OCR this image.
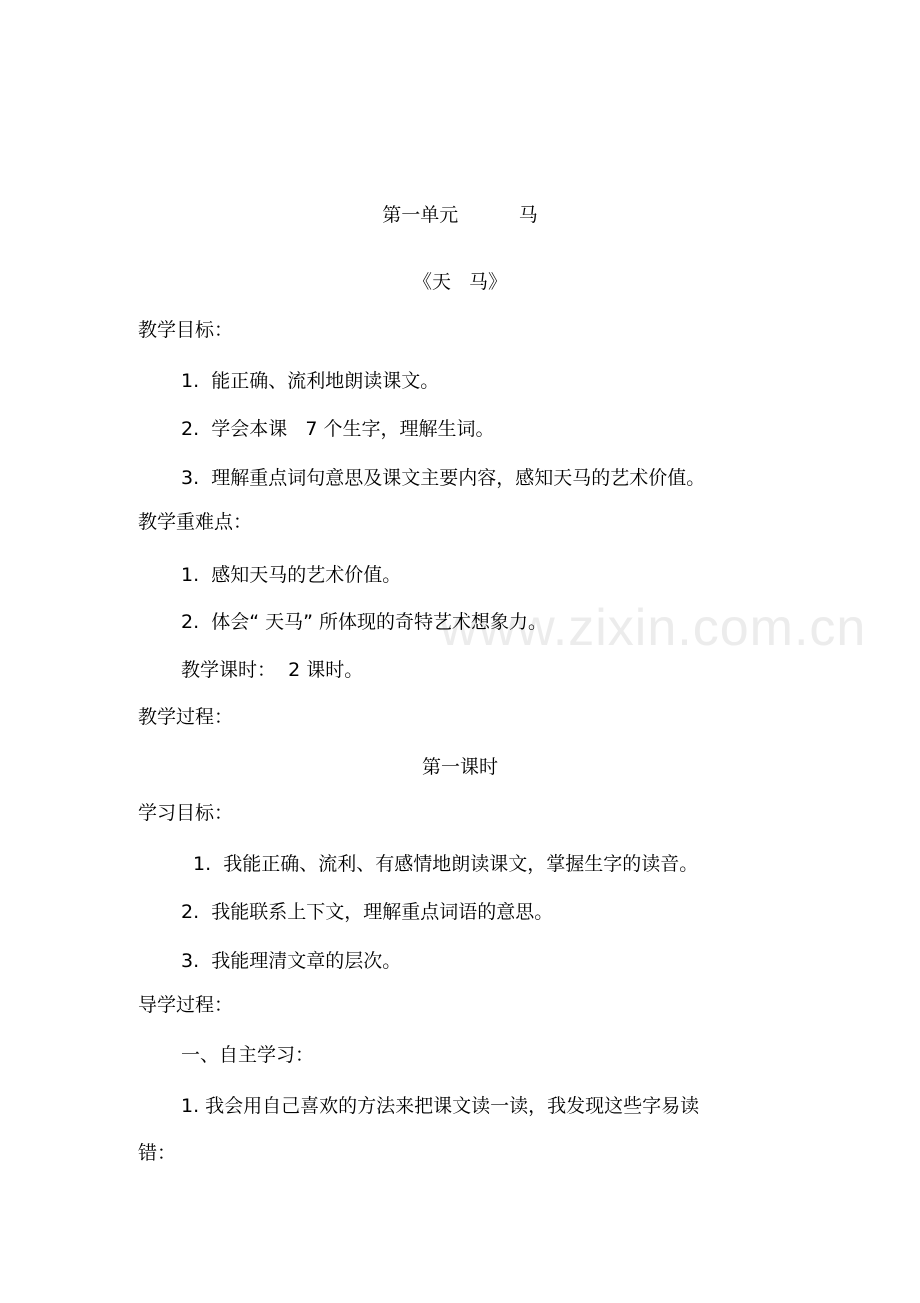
www.zixin.com.cn
第一单元          马
《天   马》
教学目标：
1.  能正确、流利地朗读课文。
2.  学会本课   7 个生字，理解生词。
3.  理解重点词句意思及课文主要内容，感知天马的艺术价值。
教学重难点：
1.  感知天马的艺术价值。
2.  体会“ 天马” 所体现的奇特艺术想象力。
教学课时：  2 课时。
教学过程：
第一课时
学习目标：
1.  我能正确、流利、有感情地朗读课文，掌握生字的读音。
2.  我能联系上下文，理解重点词语的意思。
3.  我能理清文章的层次。
导学过程：
一、自主学习：
1. 我会用自己喜欢的方法来把课文读一读，我发现这些字易读
错：
